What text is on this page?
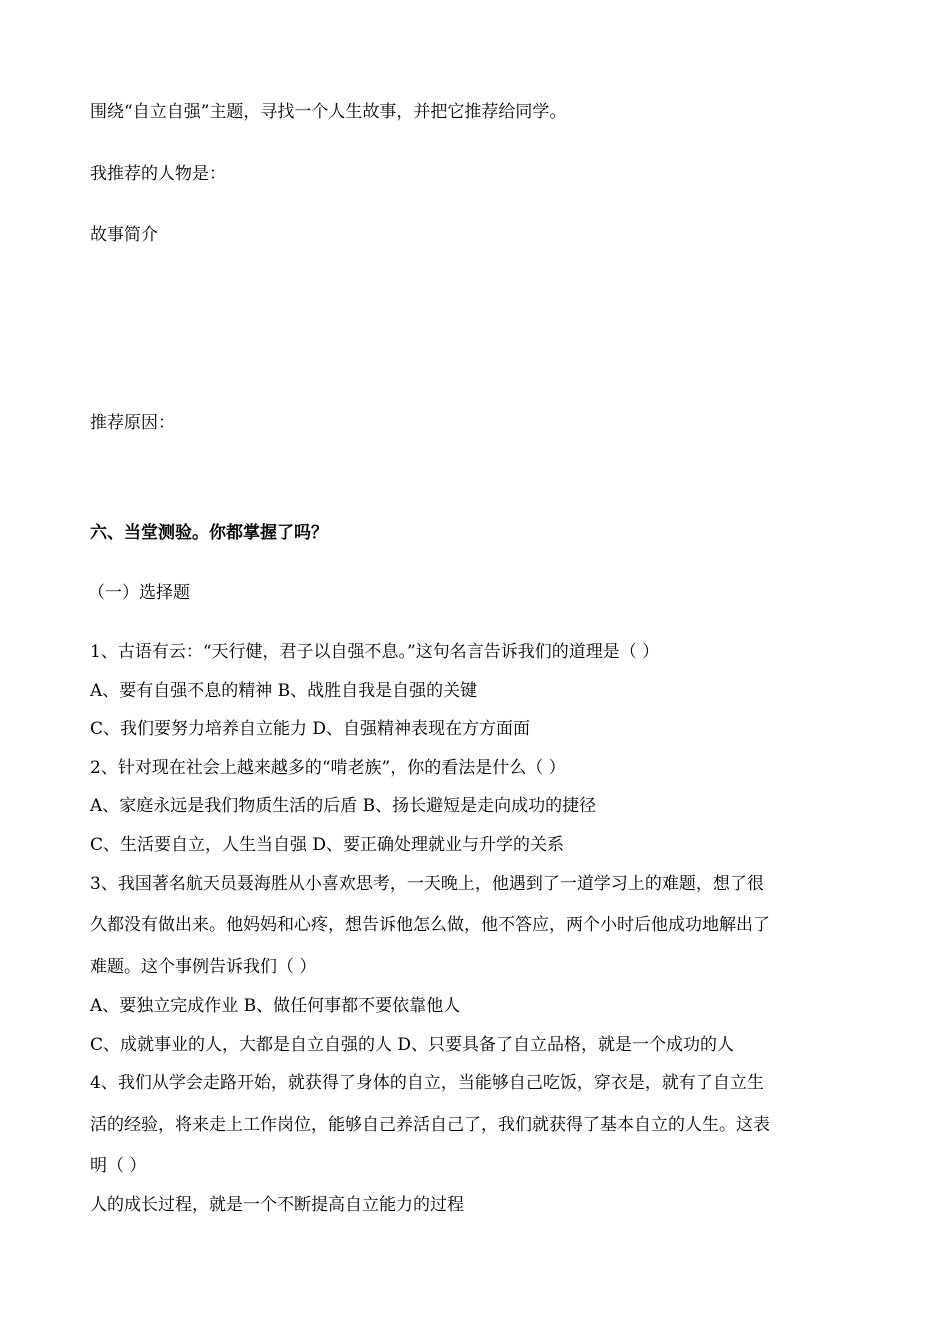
围绕“自立自强”主题，寻找一个人生故事，并把它推荐给同学。
我推荐的人物是：
故事简介
推荐原因：
六、当堂测验。你都掌握了吗？
（一）选择题
1、古语有云：“天行健，君子以自强不息。”这句名言告诉我们的道理是（ ）
A、要有自强不息的精神 B、战胜自我是自强的关键
C、我们要努力培养自立能力 D、自强精神表现在方方面面
2、针对现在社会上越来越多的“啃老族”，你的看法是什么（ ）
A、家庭永远是我们物质生活的后盾 B、扬长避短是走向成功的捷径
C、生活要自立，人生当自强 D、要正确处理就业与升学的关系
3、我国著名航天员聂海胜从小喜欢思考，一天晚上，他遇到了一道学习上的难题，想了很
久都没有做出来。他妈妈和心疼，想告诉他怎么做，他不答应，两个小时后他成功地解出了
难题。这个事例告诉我们（ ）
A、要独立完成作业 B、做任何事都不要依靠他人
C、成就事业的人，大都是自立自强的人 D、只要具备了自立品格，就是一个成功的人
4、我们从学会走路开始，就获得了身体的自立，当能够自己吃饭，穿衣是，就有了自立生
活的经验，将来走上工作岗位，能够自己养活自己了，我们就获得了基本自立的人生。这表
明（ ）
人的成长过程，就是一个不断提高自立能力的过程
